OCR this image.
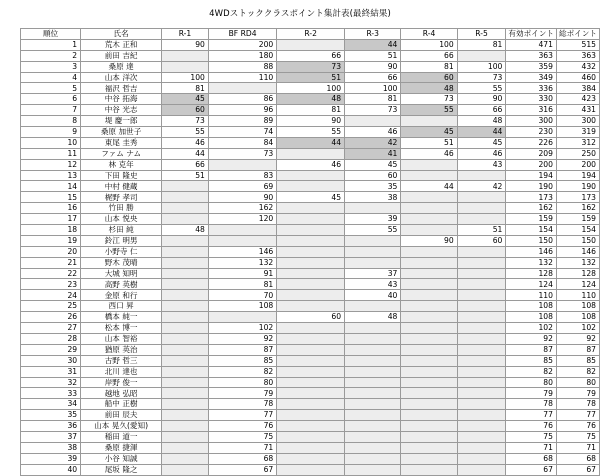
4WDストッククラスポイント集計表(最終結果)
順位	氏名	R-1	BF RD4	R-2	R-3	R-4	R-5	有効ポイント	総ポイント
1	荒木 正和	90	200		44	100	81	471	515
2	前田 吉紀		180	66	51	66		363	363
3	桑原 達		88	73	90	81	100	359	432
4	山本 洋次	100	110	51	66	60	73	349	460
5	福沢 哲吉	81		100	100	48	55	336	384
6	中谷 拓海	45	86	48	81	73	90	330	423
7	中谷 光志	60	96	81	73	55	66	316	431
8	堤 慶一郎	73	89	90			48	300	300
9	桑原 加世子	55	74	55	46	45	44	230	319
10	東尾 圭秀	46	84	44	42	51	45	226	312
11	ファム ナム	44	73		41	46	46	209	250
12	林 克年	66		46	45		43	200	200
13	下田 隆史	51	83		60			194	194
14	中村 健蔵		69		35	44	42	190	190
15	梶野 孝司		90	45	38			173	173
16	竹田 勝		162					162	162
17	山本 悦央		120		39			159	159
18	杉田 純	48			55		51	154	154
19	鈴江 明男					90	60	150	150
20	小野寺 仁		146					146	146
21	野木 茂晴		132					132	132
22	大城 知明		91		37			128	128
23	高野 英樹		81		43			124	124
24	金原 和行		70		40			110	110
25	西口 昇		108					108	108
26	橋本 純一			60	48			108	108
27	松本 博一		102					102	102
28	山本 智裕		92					92	92
29	猶原 英治		87					87	87
30	古野 哲三		85					85	85
31	北川 達也		82					82	82
32	岸野 俊一		80					80	80
33	越地 弘昭		79					79	79
34	船中 正樹		78					78	78
35	前田 辰夫		77					77	77
36	山本 晃久(愛知)		76					76	76
37	稲田 道一		75					75	75
38	桑原 捷渾		71					71	71
39	小谷 知誠		68					68	68
40	尾坂 隆之		67					67	67
